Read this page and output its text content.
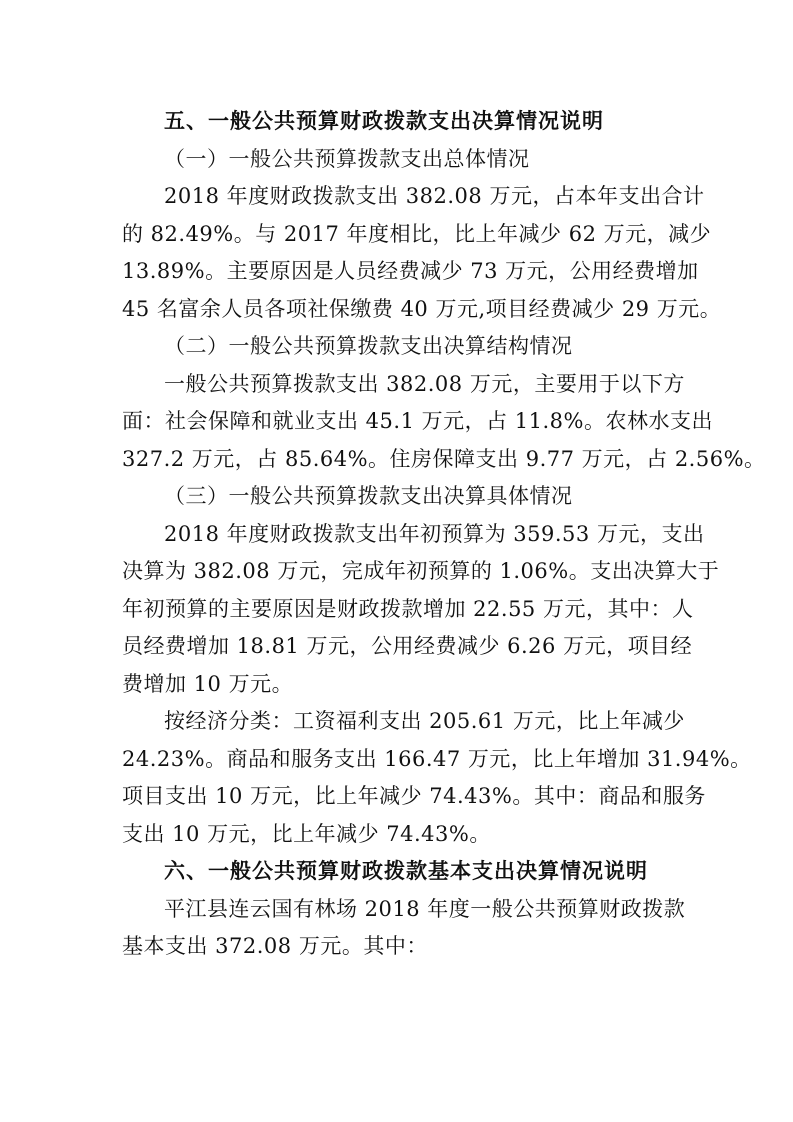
五、一般公共预算财政拨款支出决算情况说明
（一）一般公共预算拨款支出总体情况
2018 年度财政拨款支出 382.08 万元，占本年支出合计
的 82.49%。与 2017 年度相比，比上年减少 62 万元，减少
13.89%。主要原因是人员经费减少 73 万元，公用经费增加
45 名富余人员各项社保缴费 40 万元,项目经费减少 29 万元。
（二）一般公共预算拨款支出决算结构情况
一般公共预算拨款支出 382.08 万元，主要用于以下方
面：社会保障和就业支出 45.1 万元，占 11.8%。农林水支出
327.2 万元，占 85.64%。住房保障支出 9.77 万元，占 2.56%。
（三）一般公共预算拨款支出决算具体情况
2018 年度财政拨款支出年初预算为 359.53 万元，支出
决算为 382.08 万元，完成年初预算的 1.06%。支出决算大于
年初预算的主要原因是财政拨款增加 22.55 万元，其中：人
员经费增加 18.81 万元，公用经费减少 6.26 万元，项目经
费增加 10 万元。
按经济分类：工资福利支出 205.61 万元，比上年减少
24.23%。商品和服务支出 166.47 万元，比上年增加 31.94%。
项目支出 10 万元，比上年减少 74.43%。其中：商品和服务
支出 10 万元，比上年减少 74.43%。
六、一般公共预算财政拨款基本支出决算情况说明
平江县连云国有林场 2018 年度一般公共预算财政拨款
基本支出 372.08 万元。其中：
